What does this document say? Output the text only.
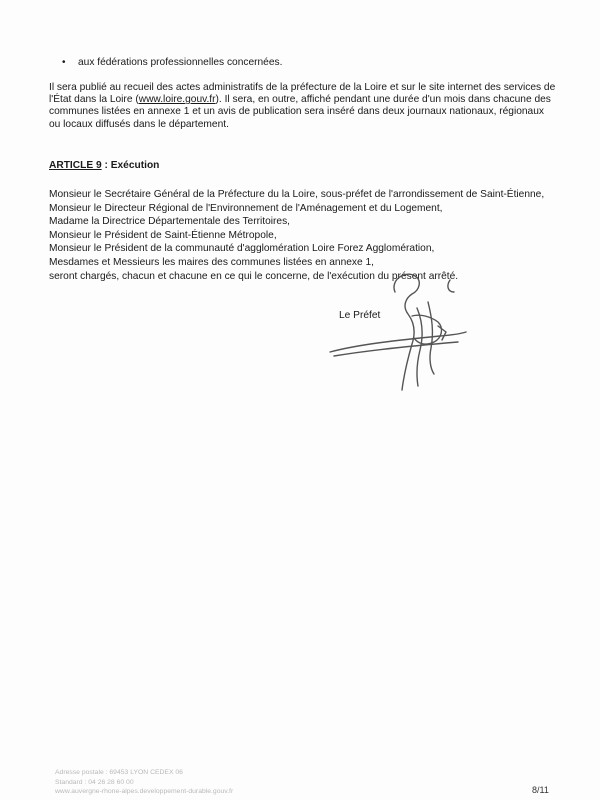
• aux fédérations professionnelles concernées.

Il sera publié au recueil des actes administratifs de la préfecture de la Loire et sur le site internet des services de
l'État dans la Loire (www.loire.gouv.fr). Il sera, en outre, affiché pendant une durée d'un mois dans chacune des
communes listées en annexe 1 et un avis de publication sera inséré dans deux journaux nationaux, régionaux
ou locaux diffusés dans le département.

ARTICLE 9 : Exécution
Monsieur le Secrétaire Général de la Préfecture du la Loire, sous-préfet de l'arrondissement de Saint-Étienne,
Monsieur le Directeur Régional de l'Environnement de l'Aménagement et du Logement,
Madame la Directrice Départementale des Territoires,
Monsieur le Président de Saint-Étienne Métropole,
Monsieur le Président de la communauté d'agglomération Loire Forez Agglomération,
Mesdames et Messieurs les maires des communes listées en annexe 1,
seront chargés, chacun et chacune en ce qui le concerne, de l'exécution du présent arrêté.
Le Préfet
Adresse postale : 69453 LYON CEDEX 06
Standard : 04 26 28 60 00
www.auvergne-rhone-alpes.developpement-durable.gouv.fr	8/11
